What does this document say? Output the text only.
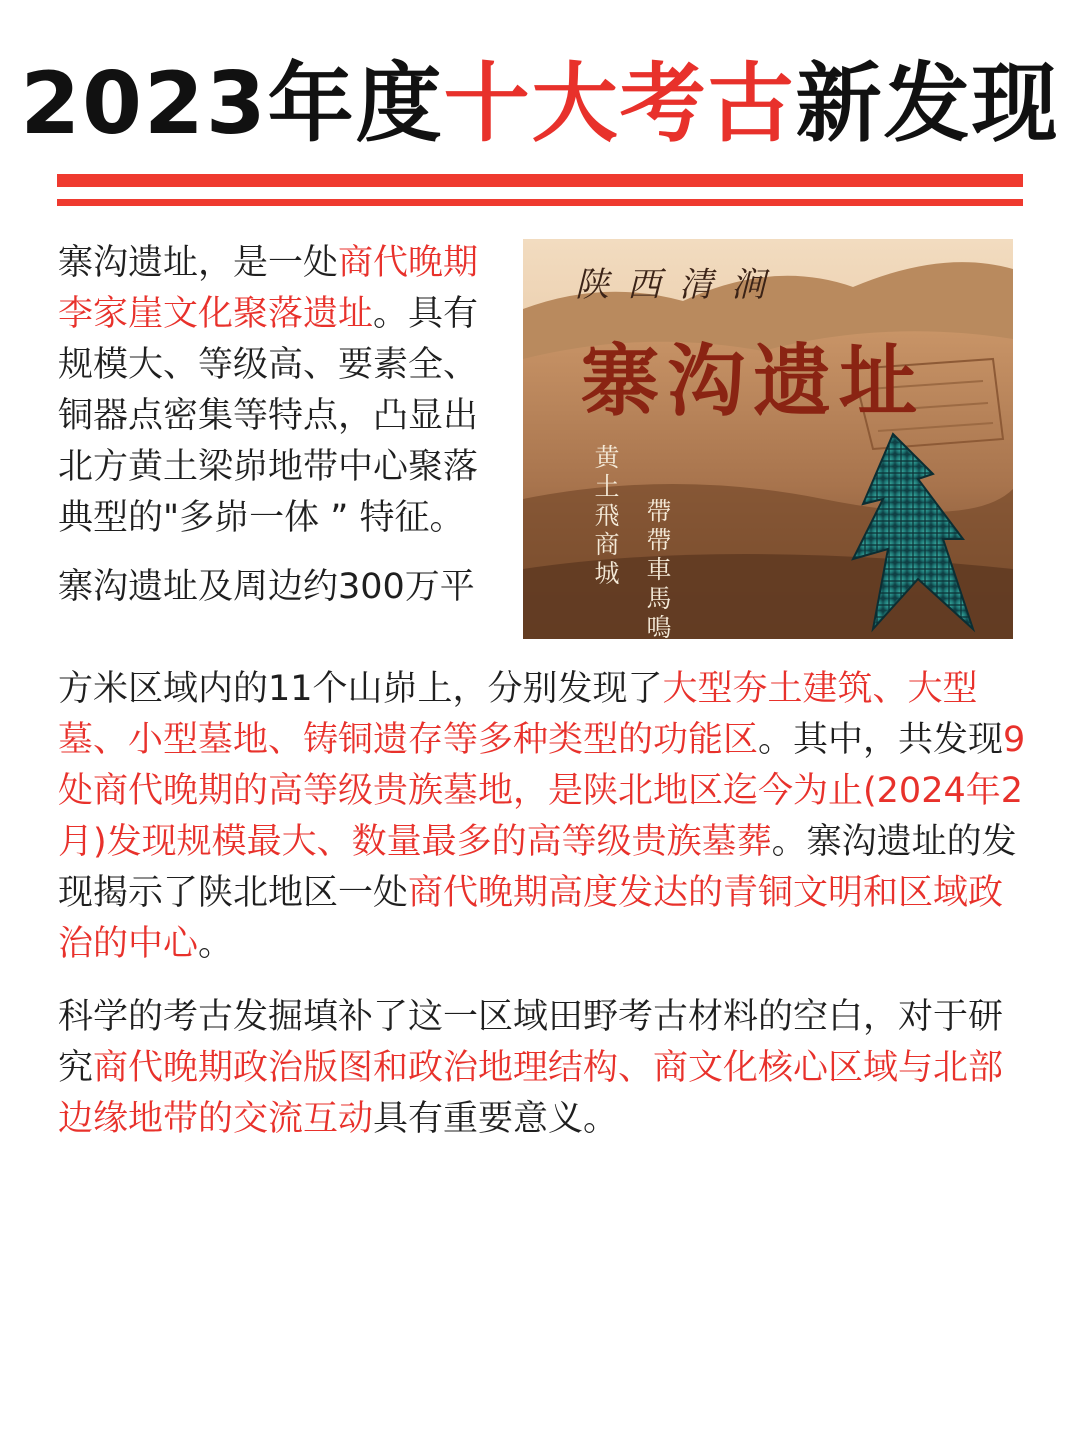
2023年度十大考古新发现
寨沟遗址，是一处商代晚期李家崖文化聚落遗址。具有规模大、等级高、要素全、铜器点密集等特点，凸显出北方黄土梁峁地带中心聚落典型的"多峁一体 ” 特征。
寨沟遗址及周边约300万平
陕西清涧
寨沟遗址
黄土飛商城
帶帶車馬鳴
方米区域内的11个山峁上，分别发现了大型夯土建筑、大型墓、小型墓地、铸铜遗存等多种类型的功能区。其中，共发现9处商代晚期的高等级贵族墓地，是陕北地区迄今为止(2024年2月)发现规模最大、数量最多的高等级贵族墓葬。寨沟遗址的发现揭示了陕北地区一处商代晚期高度发达的青铜文明和区域政治的中心。
科学的考古发掘填补了这一区域田野考古材料的空白，对于研究商代晚期政治版图和政治地理结构、商文化核心区域与北部边缘地带的交流互动具有重要意义。
